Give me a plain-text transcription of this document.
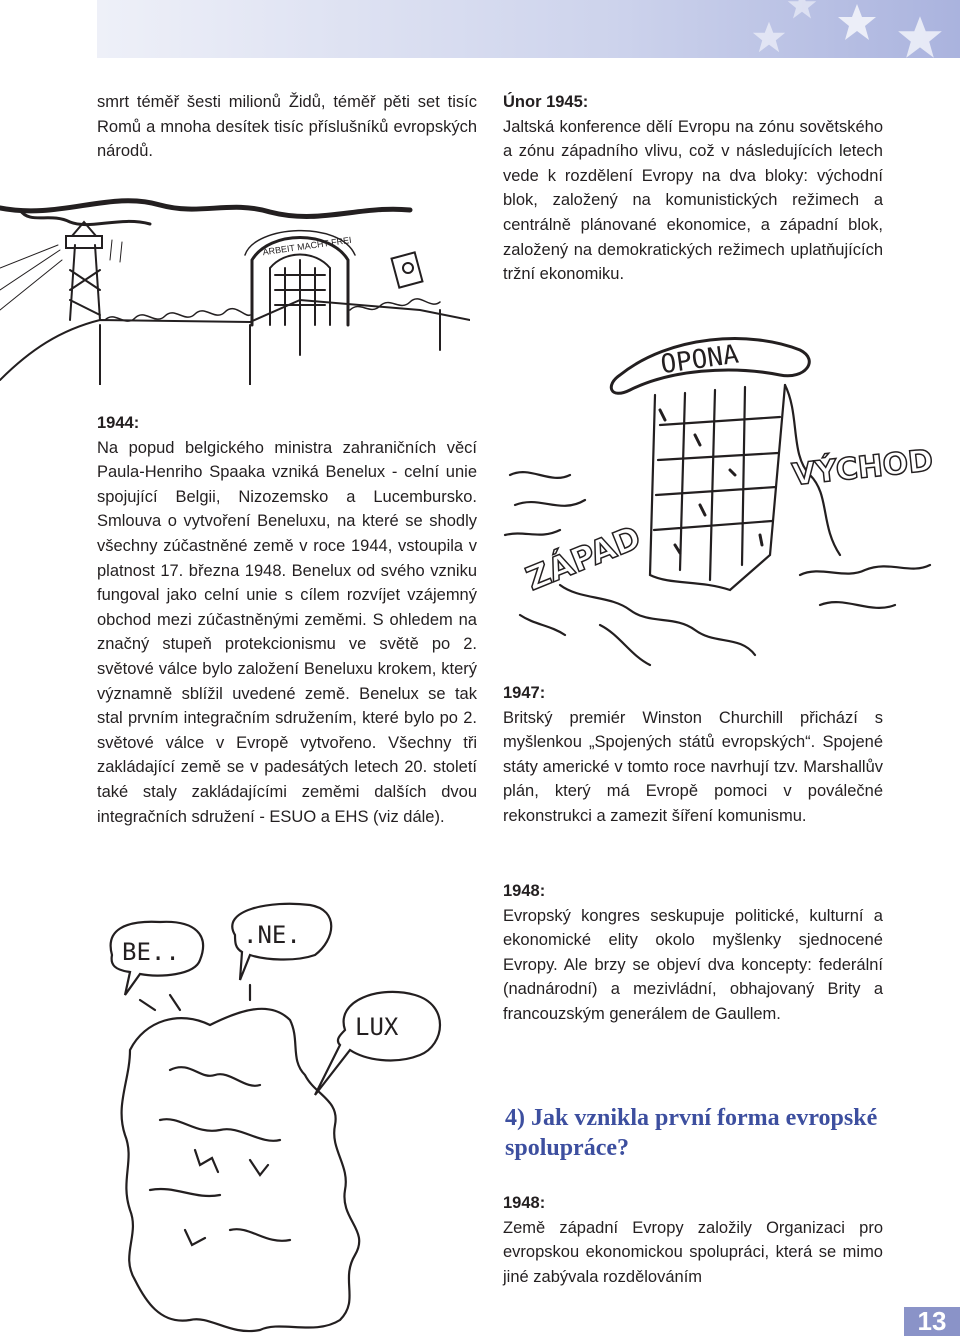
smrt téměř šesti milionů Židů, téměř pěti set tisíc Romů a mnoha desítek tisíc příslušníků evropských národů.

ARBEIT MACHT FREI

1944:

Na popud belgického ministra zahraničních věcí Paula-Henriho Spaaka vzniká Benelux - celní unie spojující Belgii, Nizozemsko a Lucembursko. Smlouva o vytvoření Beneluxu, na které se shodly všechny zúčastněné země v roce 1944, vstoupila v platnost 17. března 1948. Benelux od svého vzniku fungoval jako celní unie s cílem rozvíjet vzájemný obchod mezi zúčastněnými zeměmi. S ohledem na značný stupeň protekcionismu ve světě po 2. světové válce bylo založení Beneluxu krokem, který významně sblížil uvedené země. Benelux se tak stal prvním integračním sdružením, které bylo po 2. světové válce v Evropě vytvořeno. Všechny tři zakládající země se v padesátých letech 20. století také staly zakládajícími zeměmi dalších dvou integračních sdružení - ESUO a EHS (viz dále).

BE..
.NE.
LUX

Únor 1945:

Jaltská konference dělí Evropu na zónu sovětského a zónu západního vlivu, což v následujících letech vede k rozdělení Evropy na dva bloky: východní blok, založený na komunistických režimech a centrálně plánované ekonomice, a západní blok, založený na demokratických režimech uplatňujících tržní ekonomiku.

OPONA
VÝCHOD
ZÁPAD

1947:

Britský premiér Winston Churchill přichází s myšlenkou „Spojených států evropských“. Spojené státy americké v tomto roce navrhují tzv. Marshallův plán, který má Evropě pomoci v poválečné rekonstrukci a zamezit šíření komunismu.

1948:

Evropský kongres seskupuje politické, kulturní a ekonomické elity okolo myšlenky sjednocené Evropy. Ale brzy se objeví dva koncepty: federální (nadnárodní) a mezivládní, obhajovaný Brity a francouzským generálem de Gaullem.

4) Jak vznikla první forma evropské spolupráce?

1948:

Země západní Evropy založily Organizaci pro evropskou ekonomickou spolupráci, která se mimo jiné zabývala rozdělováním

13
